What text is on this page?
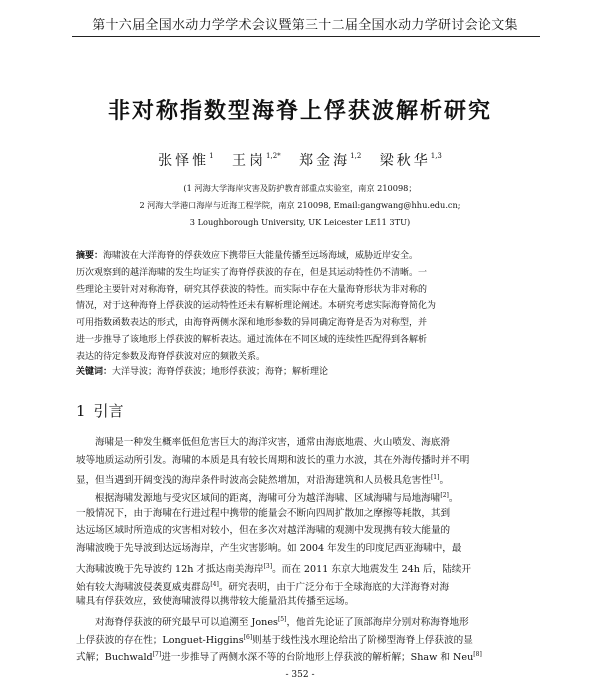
第十六届全国水动力学学术会议暨第三十二届全国水动力学研讨会论文集
非对称指数型海脊上俘获波解析研究
张怿惟$^1$ 王岗$^{1,2*}$ 郑金海$^{1,2}$ 梁秋华$^{1,3}$
(1 河海大学海岸灾害及防护教育部重点实验室，南京 210098；
2 河海大学港口海岸与近海工程学院，南京 210098, Email:gangwang@hhu.edu.cn;
3 Loughborough University, UK Leicester LE11 3TU)
摘要：海啸波在大洋海脊的俘获效应下携带巨大能量传播至远场海域，威胁近岸安全。
历次观察到的越洋海啸的发生均证实了海脊俘获波的存在，但是其运动特性仍不清晰。一
些理论主要针对对称海脊，研究其俘获波的特性。而实际中存在大量海脊形状为非对称的
情况，对于这种海脊上俘获波的运动特性还未有解析理论阐述。本研究考虑实际海脊简化为
可用指数函数表达的形式，由海脊两侧水深和地形参数的异同确定海脊是否为对称型，并
进一步推导了该地形上俘获波的解析表达。通过流体在不同区域的连续性匹配得到各解析
表达的待定参数及海脊俘获波对应的频散关系。
关键词：大洋导波；海脊俘获波；地形俘获波；海脊；解析理论
1 引言
海啸是一种发生概率低但危害巨大的海洋灾害，通常由海底地震、火山喷发、海底滑
坡等地质运动所引发。海啸的本质是具有较长周期和波长的重力水波，其在外海传播时并不明
显，但当遇到开阔变浅的海岸条件时波高会陡然增加，对沿海建筑和人员极具危害性[1]。
根据海啸发源地与受灾区域间的距离，海啸可分为越洋海啸、区域海啸与局地海啸[2]。
一般情况下，由于海啸在行进过程中携带的能量会不断向四周扩散加之摩擦等耗散，其到
达远场区域时所造成的灾害相对较小，但在多次对越洋海啸的观测中发现携有较大能量的
海啸波晚于先导波到达远场海岸，产生灾害影响。如 2004 年发生的印度尼西亚海啸中，最
大海啸波晚于先导波约 12h 才抵达南美海岸[3]。而在 2011 东京大地震发生 24h 后，陆续开
始有较大海啸波侵袭夏威夷群岛[4]。研究表明，由于广泛分布于全球海底的大洋海脊对海
啸具有俘获效应，致使海啸波得以携带较大能量沿其传播至远场。
对海脊俘获波的研究最早可以追溯至 Jones[5]，他首先论证了顶部海岸分别对称海脊地形
上俘获波的存在性；Longuet-Higgins[6]则基于线性浅水理论给出了阶梯型海脊上俘获波的显
式解；Buchwald[7]进一步推导了两侧水深不等的台阶地形上俘获波的解析解；Shaw 和 Neu[8]
- 352 -
